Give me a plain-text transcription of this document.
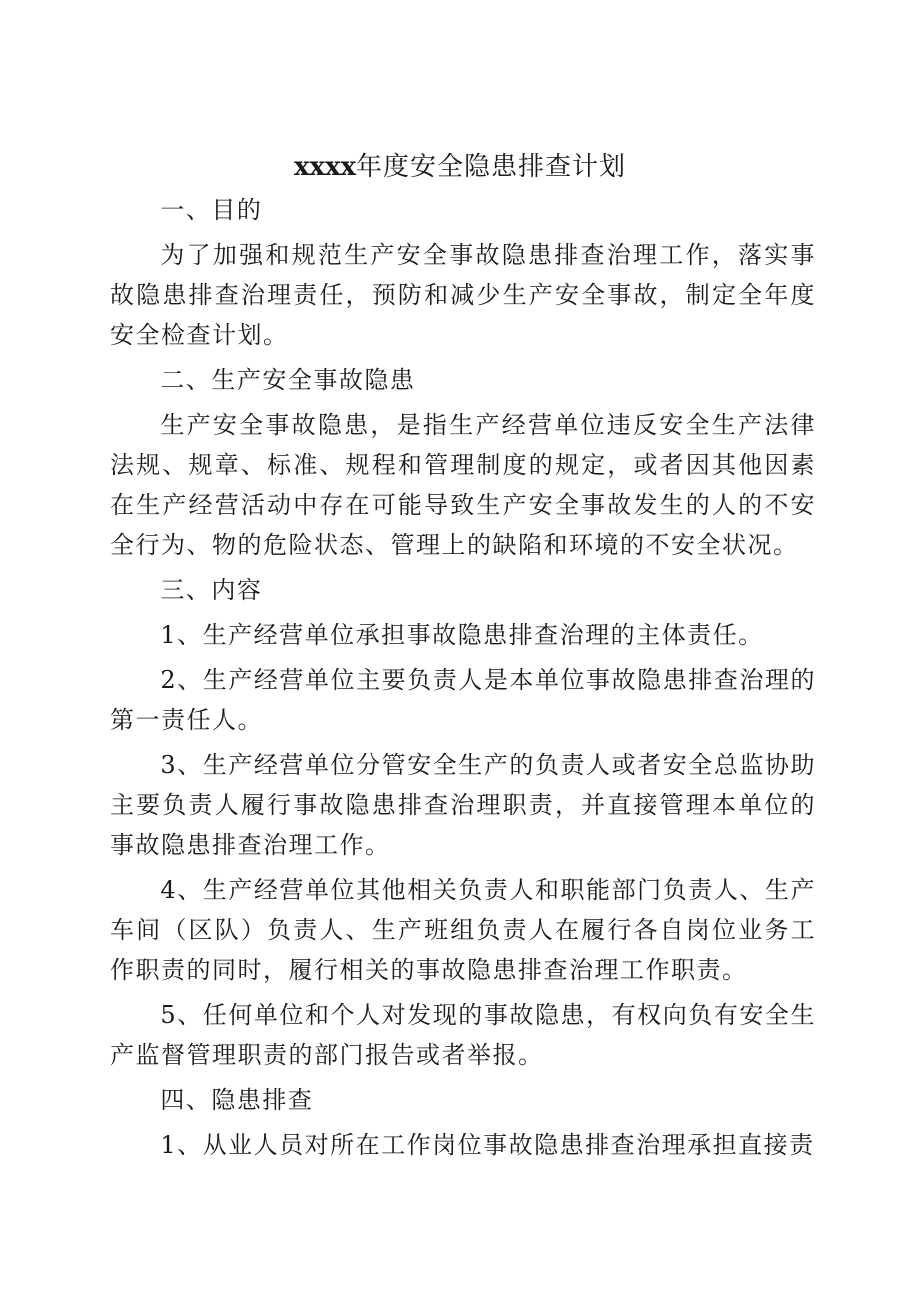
xxxx年度安全隐患排查计划

一、目的

为了加强和规范生产安全事故隐患排查治理工作，落实事故隐患排查治理责任，预防和减少生产安全事故，制定全年度安全检查计划。

二、生产安全事故隐患

生产安全事故隐患，是指生产经营单位违反安全生产法律法规、规章、标准、规程和管理制度的规定，或者因其他因素在生产经营活动中存在可能导致生产安全事故发生的人的不安全行为、物的危险状态、管理上的缺陷和环境的不安全状况。

三、内容

1、生产经营单位承担事故隐患排查治理的主体责任。

2、生产经营单位主要负责人是本单位事故隐患排查治理的第一责任人。

3、生产经营单位分管安全生产的负责人或者安全总监协助主要负责人履行事故隐患排查治理职责，并直接管理本单位的事故隐患排查治理工作。

4、生产经营单位其他相关负责人和职能部门负责人、生产车间（区队）负责人、生产班组负责人在履行各自岗位业务工作职责的同时，履行相关的事故隐患排查治理工作职责。

5、任何单位和个人对发现的事故隐患，有权向负有安全生产监督管理职责的部门报告或者举报。

四、隐患排查

1、从业人员对所在工作岗位事故隐患排查治理承担直接责
